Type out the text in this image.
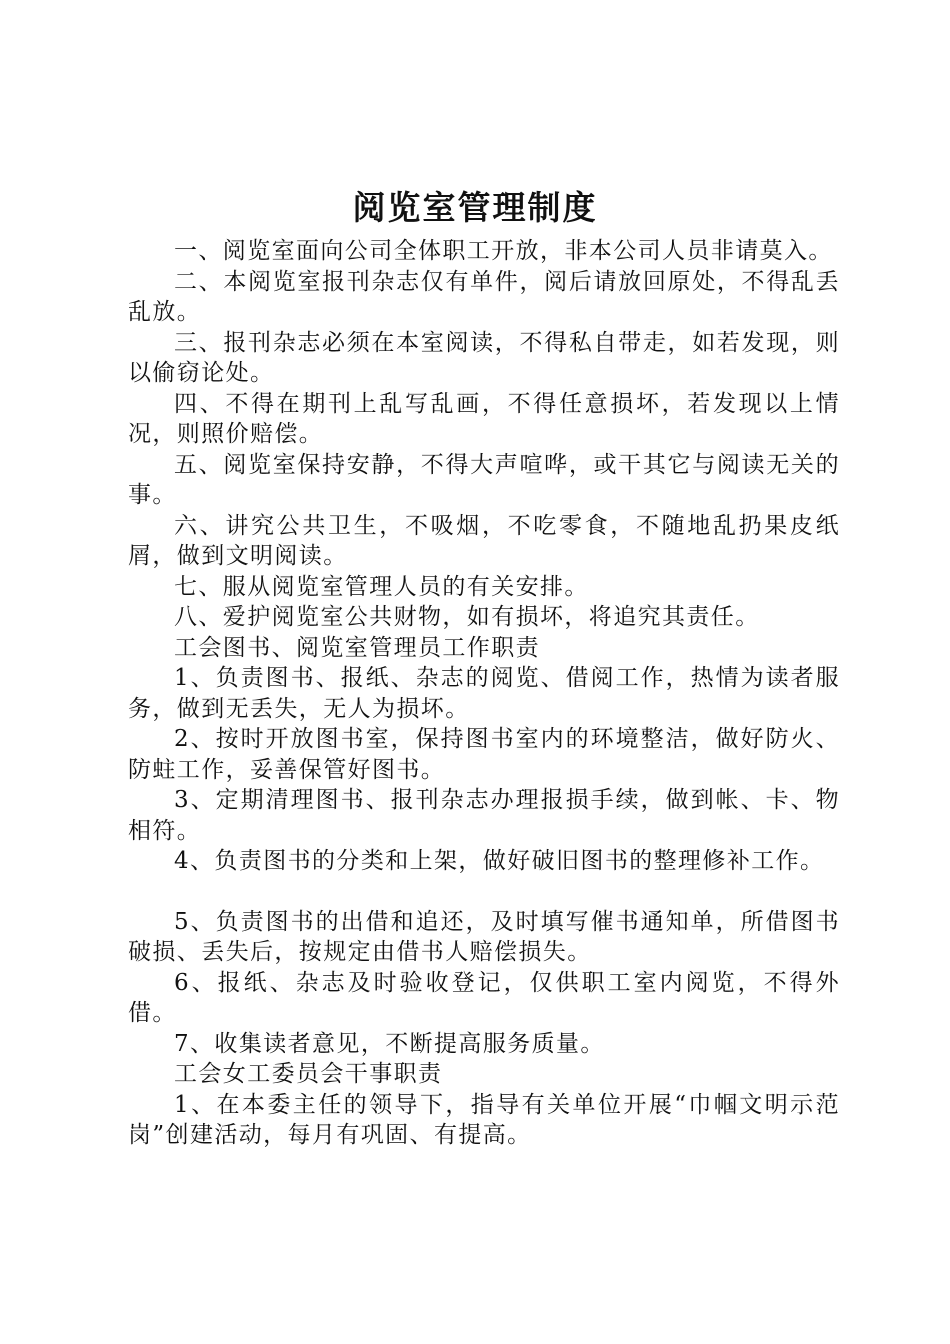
阅览室管理制度

一、阅览室面向公司全体职工开放，非本公司人员非请莫入。

二、本阅览室报刊杂志仅有单件，阅后请放回原处，不得乱丢乱放。

三、报刊杂志必须在本室阅读，不得私自带走，如若发现，则以偷窃论处。

四、不得在期刊上乱写乱画，不得任意损坏，若发现以上情况，则照价赔偿。

五、阅览室保持安静，不得大声喧哗，或干其它与阅读无关的事。

六、讲究公共卫生，不吸烟，不吃零食，不随地乱扔果皮纸屑，做到文明阅读。

七、服从阅览室管理人员的有关安排。

八、爱护阅览室公共财物，如有损坏，将追究其责任。

工会图书、阅览室管理员工作职责

1、负责图书、报纸、杂志的阅览、借阅工作，热情为读者服务，做到无丢失，无人为损坏。

2、按时开放图书室，保持图书室内的环境整洁，做好防火、防蛀工作，妥善保管好图书。

3、定期清理图书、报刊杂志办理报损手续，做到帐、卡、物相符。

4、负责图书的分类和上架，做好破旧图书的整理修补工作。

5、负责图书的出借和追还，及时填写催书通知单，所借图书破损、丢失后，按规定由借书人赔偿损失。

6、报纸、杂志及时验收登记，仅供职工室内阅览，不得外借。

7、收集读者意见，不断提高服务质量。

工会女工委员会干事职责

1、在本委主任的领导下，指导有关单位开展“巾帼文明示范岗”创建活动，每月有巩固、有提高。
